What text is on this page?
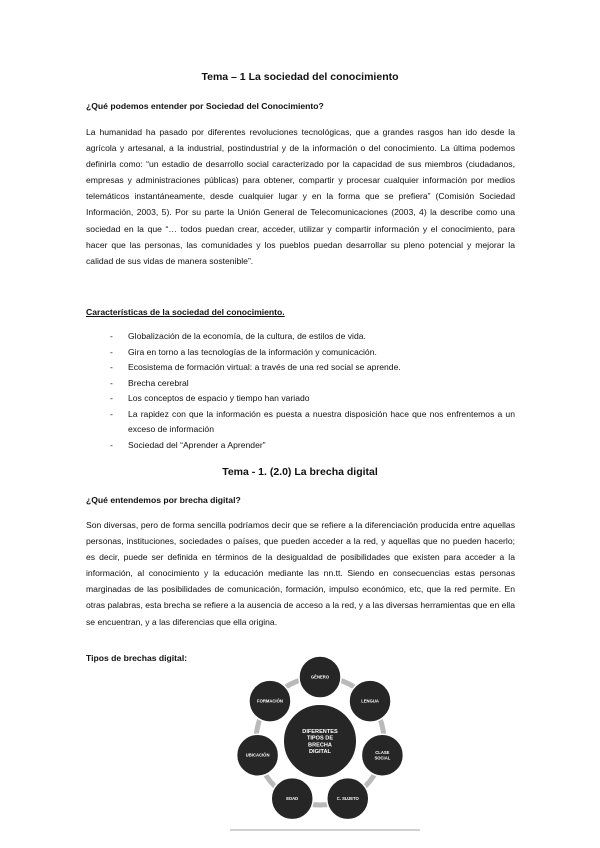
Tema – 1 La sociedad del conocimiento
¿Qué podemos entender por Sociedad del Conocimiento?
La humanidad ha pasado por diferentes revoluciones tecnológicas, que a grandes rasgos han ido desde la agrícola y artesanal, a la industrial, postindustrial y de la información o del conocimiento. La última podemos definirla como: “un estadio de desarrollo social caracterizado por la capacidad de sus miembros (ciudadanos, empresas y administraciones públicas) para obtener, compartir y procesar cualquier información por medios telemáticos instantáneamente, desde cualquier lugar y en la forma que se prefiera” (Comisión Sociedad Información, 2003, 5). Por su parte la Unión General de Telecomunicaciones (2003, 4) la describe como una sociedad en la que “… todos puedan crear, acceder, utilizar y compartir información y el conocimiento, para hacer que las personas, las comunidades y los pueblos puedan desarrollar su pleno potencial y mejorar la calidad de sus vidas de manera sostenible”.
Características de la sociedad del conocimiento.
- Globalización de la economía, de la cultura, de estilos de vida.
- Gira en torno a las tecnologías de la información y comunicación.
- Ecosistema de formación virtual: a través de una red social se aprende.
- Brecha cerebral
- Los conceptos de espacio y tiempo han variado
- La rapidez con que la información es puesta a nuestra disposición hace que nos enfrentemos a un exceso de información
- Sociedad del “Aprender a Aprender”
Tema - 1. (2.0) La brecha digital
¿Qué entendemos por brecha digital?
Son diversas, pero de forma sencilla podríamos decir que se refiere a la diferenciación producida entre aquellas personas, instituciones, sociedades o países, que pueden acceder a la red, y aquellas que no pueden hacerlo; es decir, puede ser definida en términos de la desigualdad de posibilidades que existen para acceder a la información, al conocimiento y la educación mediante las nn.tt. Siendo en consecuencias estas personas marginadas de las posibilidades de comunicación, formación, impulso económico, etc, que la red permite. En otras palabras, esta brecha se refiere a la ausencia de acceso a la red, y a las diversas herramientas que en ella se encuentran, y a las diferencias que ella origina.
Tipos de brechas digital:
GÉNERO
LENGUA
CLASE SOCIAL
C. SUJETO
EDAD
UBICACIÓN
FORMACIÓN
DIFERENTES TIPOS DE BRECHA DIGITAL
